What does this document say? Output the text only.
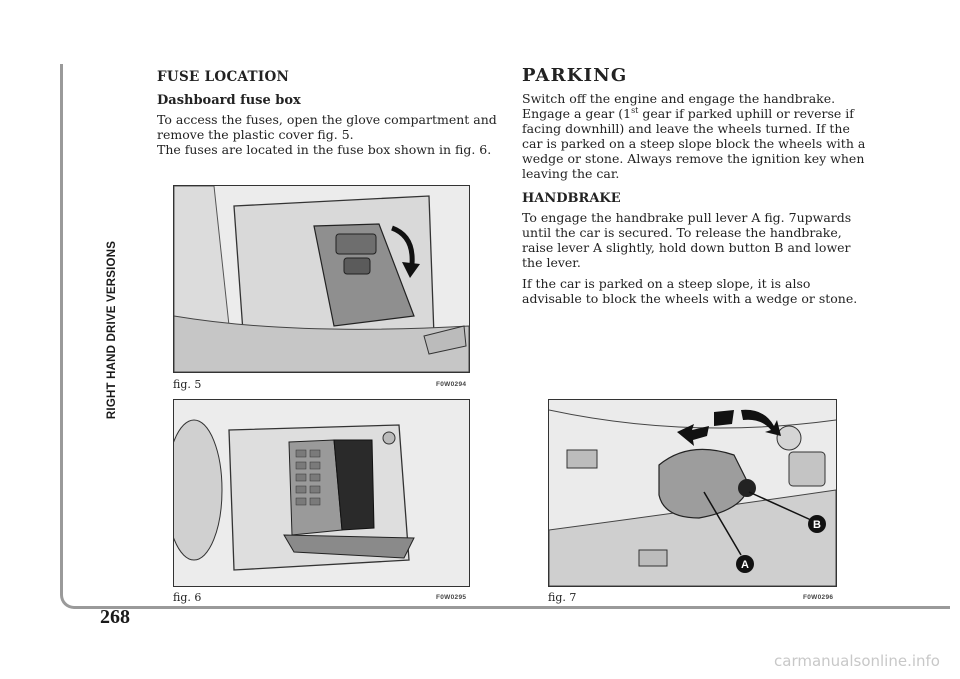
RIGHT HAND DRIVE VERSIONS
268
FUSE LOCATION
Dashboard fuse box

To access the fuses, open the glove compartment and remove the plastic cover fig. 5.

The fuses are located in the fuse box shown in fig. 6.

PARKING

Switch off the engine and engage the handbrake. Engage a gear (1st gear if parked uphill or reverse if facing downhill) and leave the wheels turned. If the car is parked on a steep slope block the wheels with a wedge or stone. Always remove the ignition key when leaving the car.

HANDBRAKE

To engage the handbrake pull lever A fig. 7upwards until the car is secured. To release the handbrake, raise lever A slightly, hold down button B and lower the lever.

If the car is parked on a steep slope, it is also advisable to block the wheels with a wedge or stone.

fig. 5	F0W0294
fig. 6	F0W0295
B
A
fig. 7	F0W0296
carmanualsonline.info
